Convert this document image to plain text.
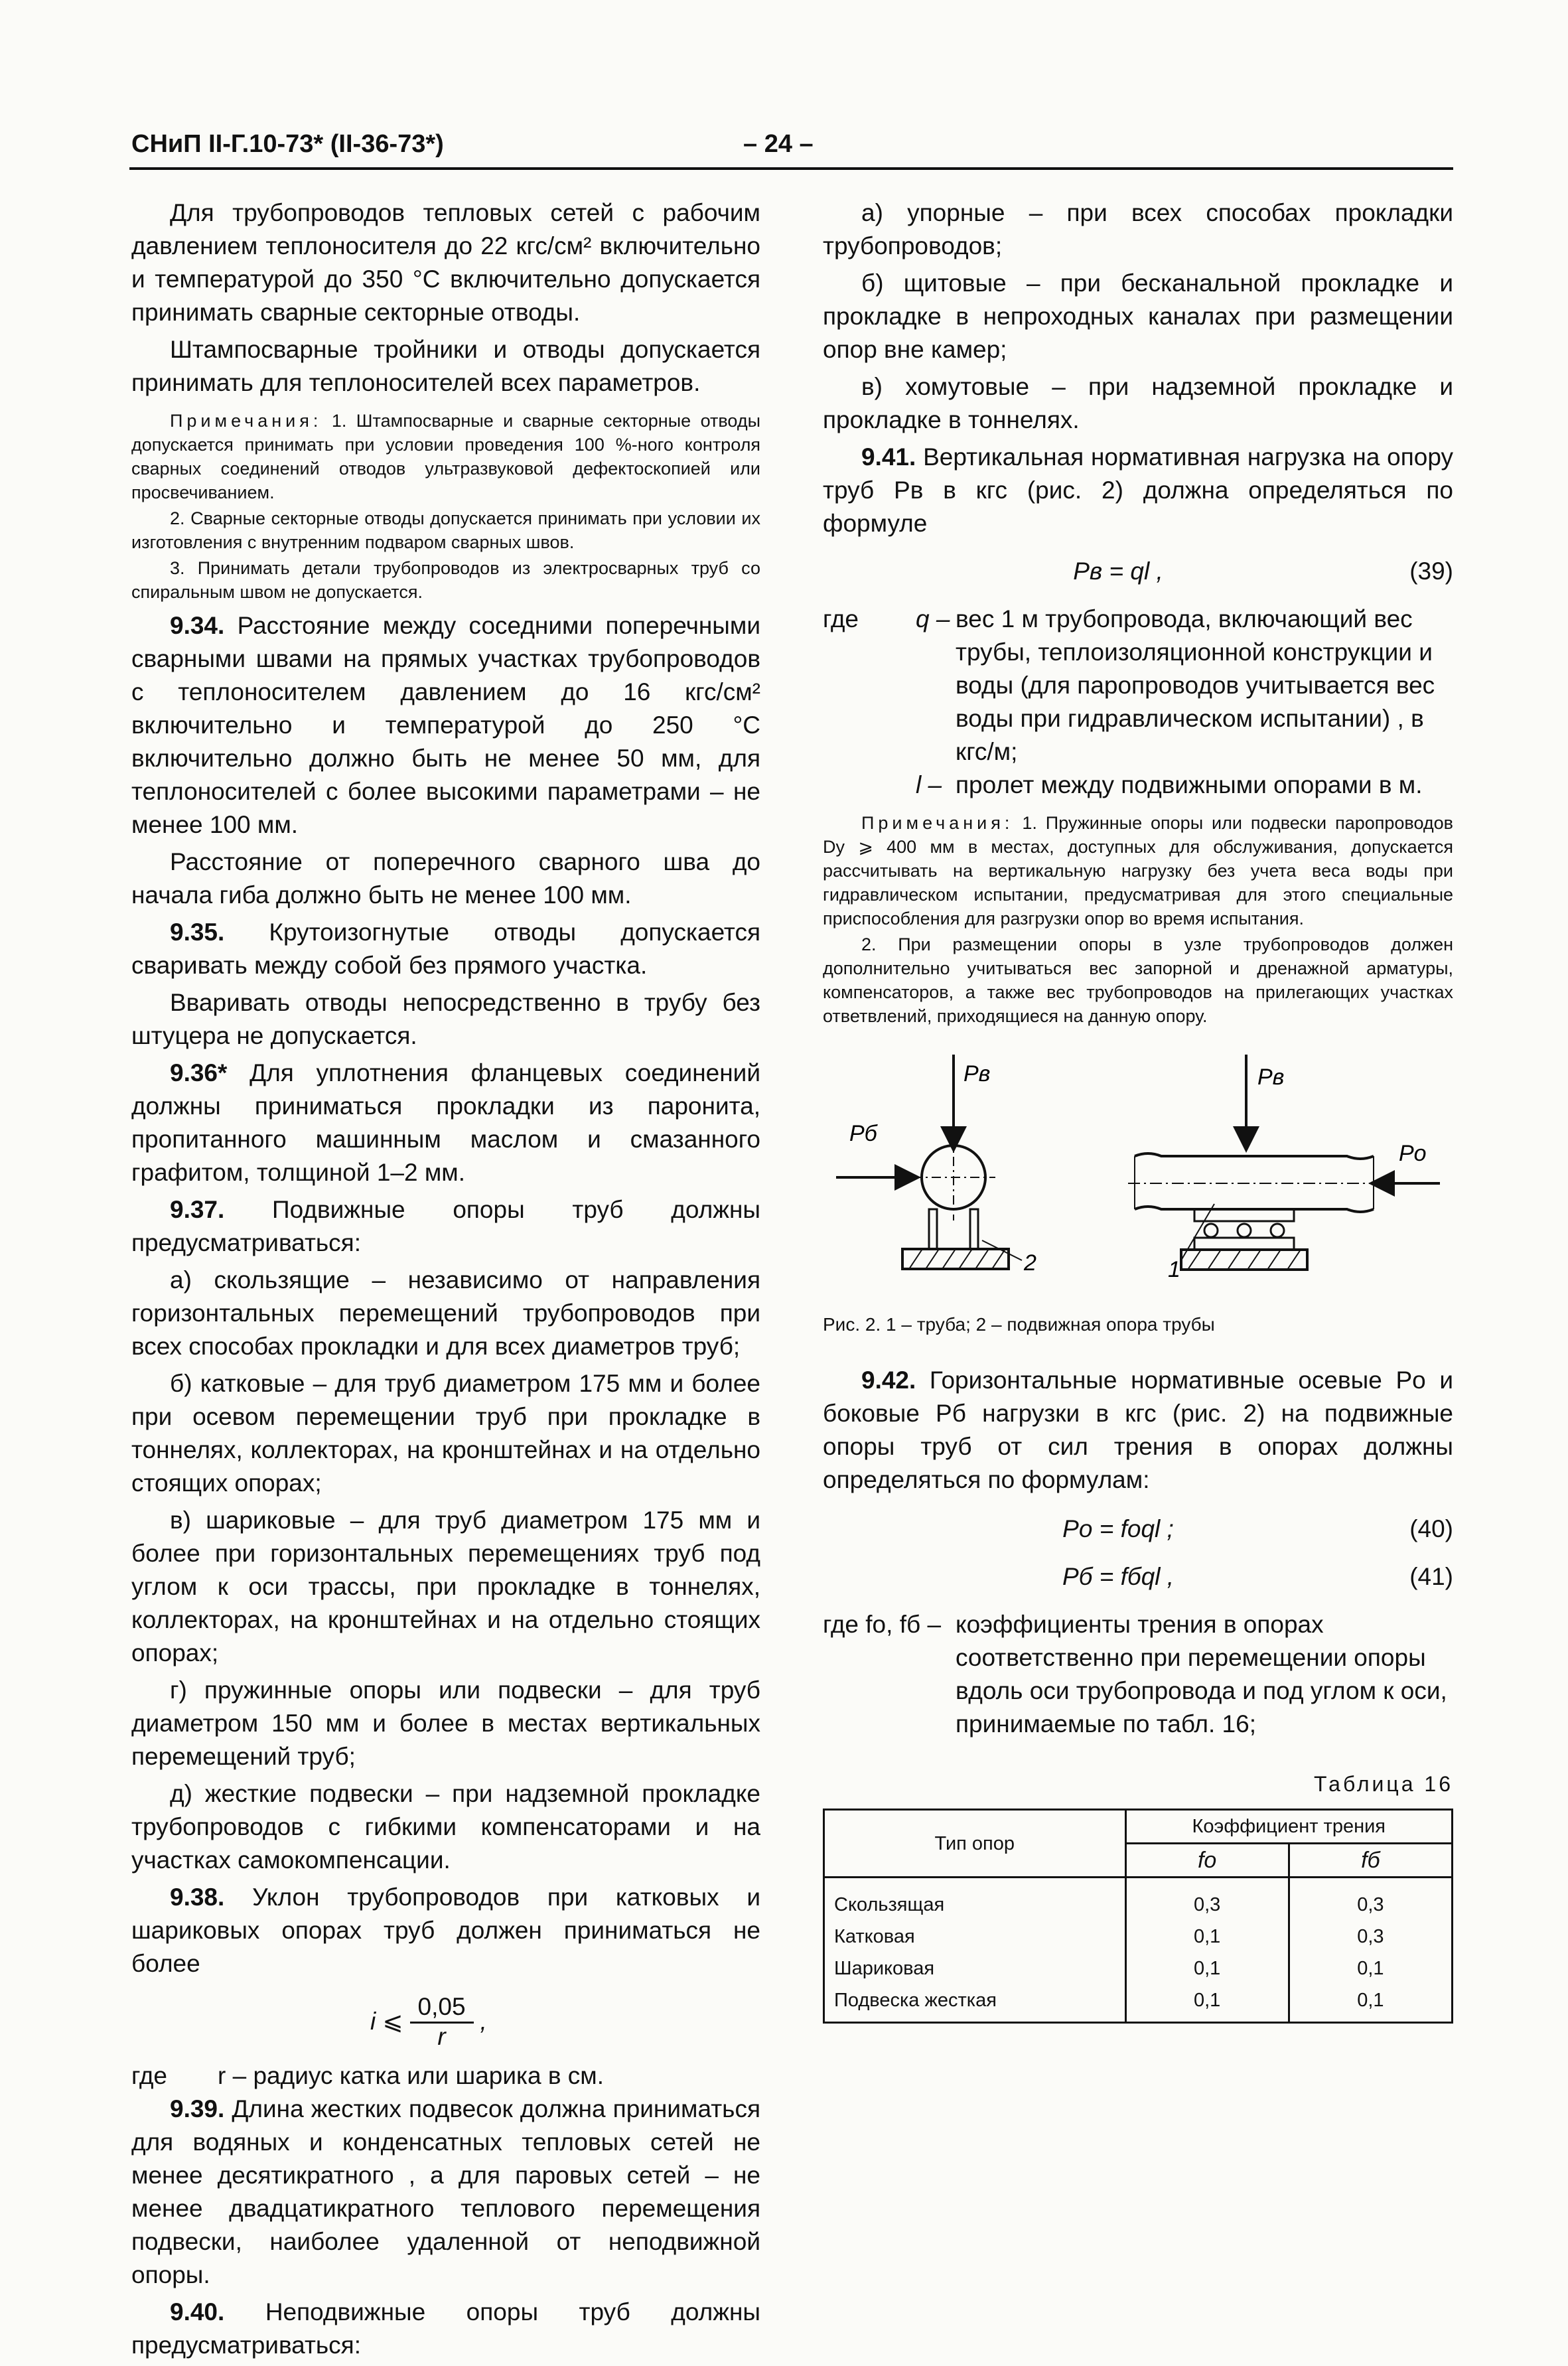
СНиП II-Г.10-73* (II-36-73*)	– 24 –

Для трубопроводов тепловых сетей с рабочим давлением теплоносителя до 22 кгс/см² включительно и температурой до 350 °С включительно допускается принимать сварные секторные отводы.

Штампосварные тройники и отводы допускается принимать для теплоносителей всех параметров.

Примечания: 1. Штампосварные и сварные секторные отводы допускается принимать при условии проведения 100 %-ного контроля сварных соединений отводов ультразвуковой дефектоскопией или просвечиванием.

2. Сварные секторные отводы допускается принимать при условии их изготовления с внутренним подваром сварных швов.

3. Принимать детали трубопроводов из электросварных труб со спиральным швом не допускается.

9.34. Расстояние между соседними поперечными сварными швами на прямых участках трубопроводов с теплоносителем давлением до 16 кгс/см² включительно и температурой до 250 °С включительно должно быть не менее 50 мм, для теплоносителей с более высокими параметрами – не менее 100 мм.

Расстояние от поперечного сварного шва до начала гиба должно быть не менее 100 мм.

9.35. Крутоизогнутые отводы допускается сваривать между собой без прямого участка.

Вваривать отводы непосредственно в трубу без штуцера не допускается.

9.36* Для уплотнения фланцевых соединений должны приниматься прокладки из паронита, пропитанного машинным маслом и смазанного графитом, толщиной 1–2 мм.

9.37. Подвижные опоры труб должны предусматриваться:

а) скользящие – независимо от направления горизонтальных перемещений трубопроводов при всех способах прокладки и для всех диаметров труб;

б) катковые – для труб диаметром 175 мм и более при осевом перемещении труб при прокладке в тоннелях, коллекторах, на кронштейнах и на отдельно стоящих опорах;

в) шариковые – для труб диаметром 175 мм и более при горизонтальных перемещениях труб под углом к оси трассы, при прокладке в тоннелях, коллекторах, на кронштейнах и на отдельно стоящих опорах;

г) пружинные опоры или подвески – для труб диаметром 150 мм и более в местах вертикальных перемещений труб;

д) жесткие подвески – при надземной прокладке трубопроводов с гибкими компенсаторами и на участках самокомпенсации.

9.38. Уклон трубопроводов при катковых и шариковых опорах труб должен приниматься не более

i ⩽ $\frac{0,05}{r}$ ,
где	r – радиус катка или шарика в см.

9.39. Длина жестких подвесок должна приниматься для водяных и конденсатных тепловых сетей не менее десятикратного , а для паровых сетей – не менее двадцатикратного теплового перемещения подвески, наиболее удаленной от неподвижной опоры.

9.40. Неподвижные опоры труб должны предусматриваться:

а) упорные – при всех способах прокладки трубопроводов;

б) щитовые – при бесканальной прокладке и прокладке в непроходных каналах при размещении опор вне камер;

в) хомутовые – при надземной прокладке и прокладке в тоннелях.

9.41. Вертикальная нормативная нагрузка на опору труб Pв в кгс (рис. 2) должна определяться по формуле

Pв = ql ,	(39)
где	q – вес 1 м трубопровода, включающий вес трубы, теплоизоляционной конструкции и воды (для паропроводов учитывается вес воды при гидравлическом испытании) , в кгс/м;
l – пролет между подвижными опорами в м.

Примечания: 1. Пружинные опоры или подвески паропроводов Dу ⩾ 400 мм в местах, доступных для обслуживания, допускается рассчитывать на вертикальную нагрузку без учета веса воды при гидравлическом испытании, предусматривая для этого специальные приспособления для разгрузки опор во время испытания.

2. При размещении опоры в узле трубопроводов должен дополнительно учитываться вес запорной и дренажной арматуры, компенсаторов, а также вес трубопроводов на прилегающих участках ответвлений, приходящиеся на данную опору.

Pв
Pб
2
Pв
Pо
1
Рис. 2. 1 – труба; 2 – подвижная опора трубы

9.42. Горизонтальные нормативные осевые Pо и боковые Pб нагрузки в кгс (рис. 2) на подвижные опоры труб от сил трения в опорах должны определяться по формулам:

Pо = fоql ;	(40)
Pб = fбql ,	(41)
где fо, fб – коэффициенты трения в опорах соответственно при перемещении опоры вдоль оси трубопровода и под углом к оси, принимаемые по табл. 16;
Таблица 16
Тип опор	Коэффициент трения	
	fо	fб
Скользящая	0,3	0,3
Катковая	0,1	0,3
Шариковая	0,1	0,1
Подвеска жесткая	0,1	0,1
